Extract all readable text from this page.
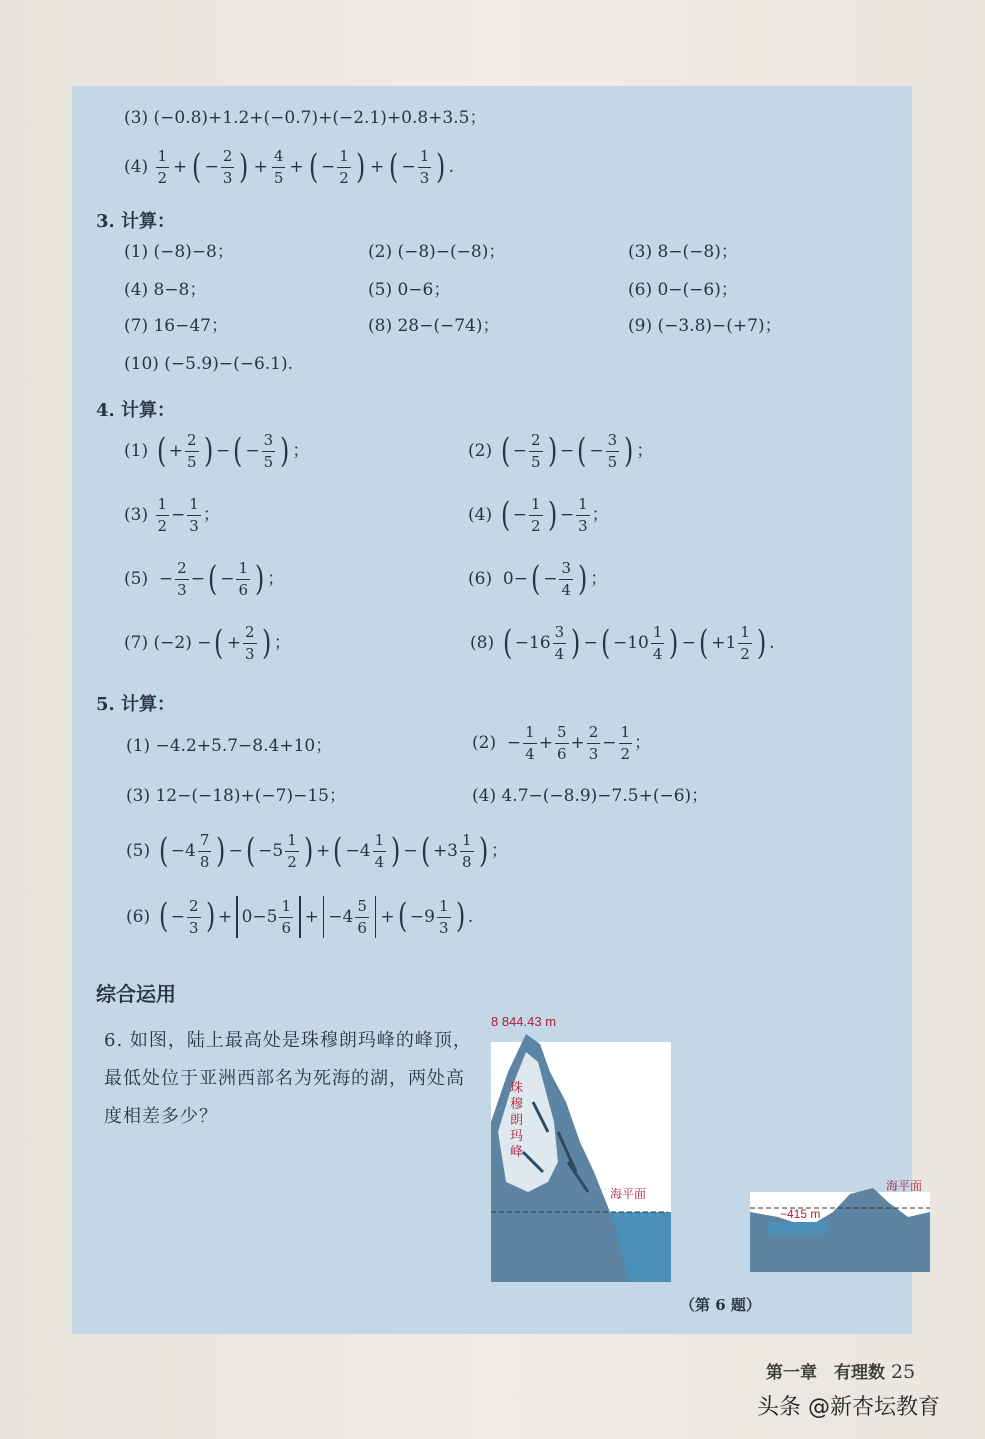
(3) (−0.8)+1.2+(−0.7)+(−2.1)+0.8+3.5；
(4)
$\frac{1}{2}$ + ( − $\frac{2}{3}$ ) + $\frac{4}{5}$ + ( − $\frac{1}{2}$ ) + ( − $\frac{1}{3}$ ) .
3. 计算：
(1) (−8)−8；	(2) (−8)−(−8)；	(3) 8−(−8)；
(4) 8−8；	(5) 0−6；	(6) 0−(−6)；
(7) 16−47；	(8) 28−(−74)；	(9) (−3.8)−(+7)；
(10) (−5.9)−(−6.1).
4. 计算：
(1)
( + $\frac{2}{5}$ ) − ( − $\frac{3}{5}$ ) ；	(2)
( − $\frac{2}{5}$ ) − ( − $\frac{3}{5}$ ) ；
(3)
$\frac{1}{2} - \frac{1}{3}$ ；	(4)
( − $\frac{1}{2}$ ) − $\frac{1}{3}$ ；
$(5) - \frac{2}{3}$ − ( − $\frac{1}{6}$ ) ；	(6) 0− ( − $\frac{3}{4}$ ) ；
(7)
(−2) − ( + $\frac{2}{3}$ ) ；	(8)
( $-16 \frac{3}{4}$ ) − ( $-10 \frac{1}{4}$ ) − ( $+1 \frac{1}{2}$ ) .
5. 计算：
(1) −4.2+5.7−8.4+10；	$(2) - \frac{1}{4} + \frac{5}{6} + \frac{2}{3} - \frac{1}{2}$ ；
(3) 12−(−18)+(−7)−15；	(4) 4.7−(−8.9)−7.5+(−6)；
(5)
( $-4 \frac{7}{8}$ ) − ( $-5 \frac{1}{2}$ ) + ( $-4 \frac{1}{4}$ ) − ( $+3 \frac{1}{8}$ ) ；
(6)
( − $\frac{2}{3}$ ) +
$0-5 \frac{1}{6}$ +
$-4 \frac{5}{6}$ + ( $-9 \frac{1}{3}$ ) .
综合运用
6. 如图，陆上最高处是珠穆朗玛峰的峰顶，最低处位于亚洲西部名为死海的湖，两处高度相差多少？
8 844.43 m
珠穆朗玛峰
海平面
−415 m
海平面
（第 6 题）
第一章　有理数 25
头条 @新杏坛教育
